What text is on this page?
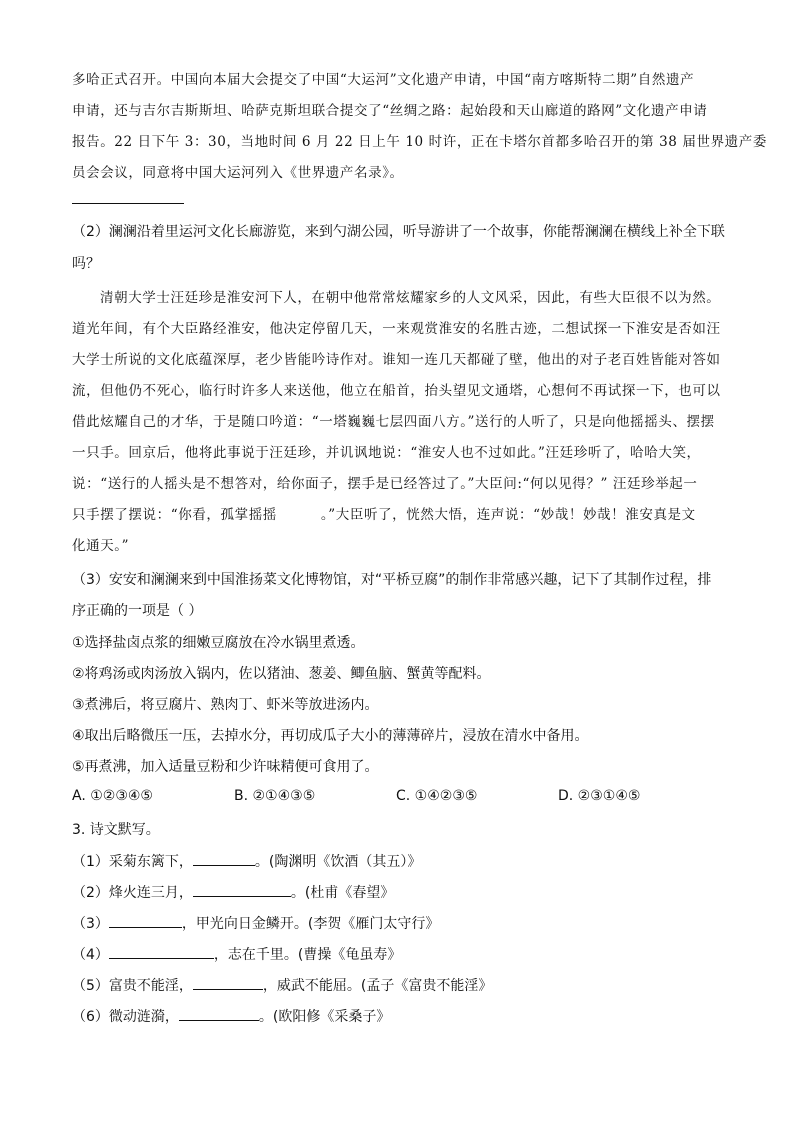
多哈正式召开。中国向本届大会提交了中国“大运河”文化遗产申请，中国“南方喀斯特二期”自然遗产
申请，还与吉尔吉斯斯坦、哈萨克斯坦联合提交了“丝绸之路：起始段和天山廊道的路网”文化遗产申请
报告。22 日下午 3：30，当地时间 6 月 22 日上午 10 时许，正在卡塔尔首都多哈召开的第 38 届世界遗产委
员会会议，同意将中国大运河列入《世界遗产名录》。
（2）澜澜沿着里运河文化长廊游览，来到勺湖公园，听导游讲了一个故事，你能帮澜澜在横线上补全下联
吗？
清朝大学士汪廷珍是淮安河下人，在朝中他常常炫耀家乡的人文风采，因此，有些大臣很不以为然。
道光年间，有个大臣路经淮安，他决定停留几天，一来观赏淮安的名胜古迹，二想试探一下淮安是否如汪
大学士所说的文化底蕴深厚，老少皆能吟诗作对。谁知一连几天都碰了壁，他出的对子老百姓皆能对答如
流，但他仍不死心，临行时许多人来送他，他立在船首，抬头望见文通塔，心想何不再试探一下，也可以
借此炫耀自己的才华，于是随口吟道：“一塔巍巍七层四面八方。”送行的人听了，只是向他摇摇头、摆摆
一只手。回京后，他将此事说于汪廷珍，并讥讽地说：“淮安人也不过如此。”汪廷珍听了，哈哈大笑，
说：“送行的人摇头是不想答对，给你面子，摆手是已经答过了。”大臣问:“何以见得？” 汪廷珍举起一
只手摆了摆说：“你看，孤掌摇摇	。”大臣听了，恍然大悟，连声说：“妙哉！妙哉！淮安真是文
化通天。”
（3）安安和澜澜来到中国淮扬菜文化博物馆，对“平桥豆腐”的制作非常感兴趣，记下了其制作过程，排
序正确的一项是（ ）
①选择盐卤点浆的细嫩豆腐放在冷水锅里煮透。
②将鸡汤或肉汤放入锅内，佐以猪油、葱姜、鲫鱼脑、蟹黄等配料。
③煮沸后，将豆腐片、熟肉丁、虾米等放进汤内。
④取出后略微压一压，去掉水分，再切成瓜子大小的薄薄碎片，浸放在清水中备用。
⑤再煮沸，加入适量豆粉和少许味精便可食用了。
A. ①②③④⑤	B. ②①④③⑤	C. ①④②③⑤	D. ②③①④⑤
3. 诗文默写。
（1）采菊东篱下，	。(陶渊明《饮酒（其五）》
（2）烽火连三月，	。(杜甫《春望》
（3）	，甲光向日金鳞开。(李贺《雁门太守行》
（4）	，志在千里。(曹操《龟虽寿》
（5）富贵不能淫，	，威武不能屈。(孟子《富贵不能淫》
（6）微动涟漪，	。(欧阳修《采桑子》
